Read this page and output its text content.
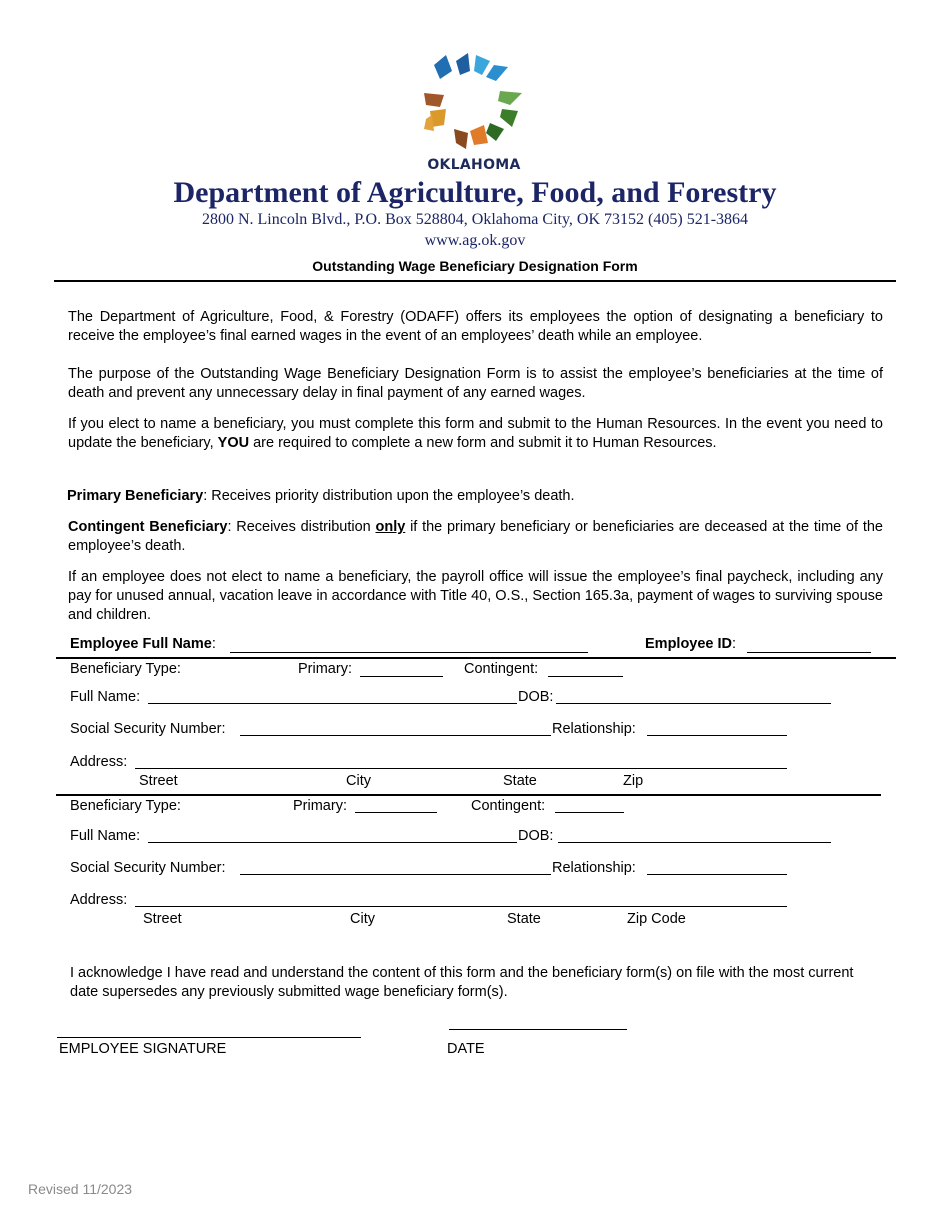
OKLAHOMA
Department of Agriculture, Food, and Forestry
2800 N. Lincoln Blvd., P.O. Box 528804, Oklahoma City, OK 73152 (405) 521-3864
www.ag.ok.gov
Outstanding Wage Beneficiary Designation Form
The Department of Agriculture, Food, & Forestry (ODAFF) offers its employees the option of designating a beneficiary to receive the employee’s final earned wages in the event of an employees’ death while an employee.
The purpose of the Outstanding Wage Beneficiary Designation Form is to assist the employee’s beneficiaries at the time of death and prevent any unnecessary delay in final payment of any earned wages.
If you elect to name a beneficiary, you must complete this form and submit to the Human Resources. In the event you need to update the beneficiary, YOU are required to complete a new form and submit it to Human Resources.
Primary Beneficiary: Receives priority distribution upon the employee’s death.
Contingent Beneficiary: Receives distribution only if the primary beneficiary or beneficiaries are deceased at the time of the employee’s death.
If an employee does not elect to name a beneficiary, the payroll office will issue the employee’s final paycheck, including any pay for unused annual, vacation leave in accordance with Title 40, O.S., Section 165.3a, payment of wages to surviving spouse and children.
Employee Full Name:	Employee ID:
Beneficiary Type:	Primary:	Contingent:
Full Name:	DOB:
Social Security Number:	Relationship:
Address:
Street	City	State	Zip
Beneficiary Type:	Primary:	Contingent:
Full Name:	DOB:
Social Security Number:	Relationship:
Address:
Street	City	State	Zip Code
I acknowledge I have read and understand the content of this form and the beneficiary form(s) on file with the most current date supersedes any previously submitted wage beneficiary form(s).
EMPLOYEE SIGNATURE	DATE
Revised 11/2023
